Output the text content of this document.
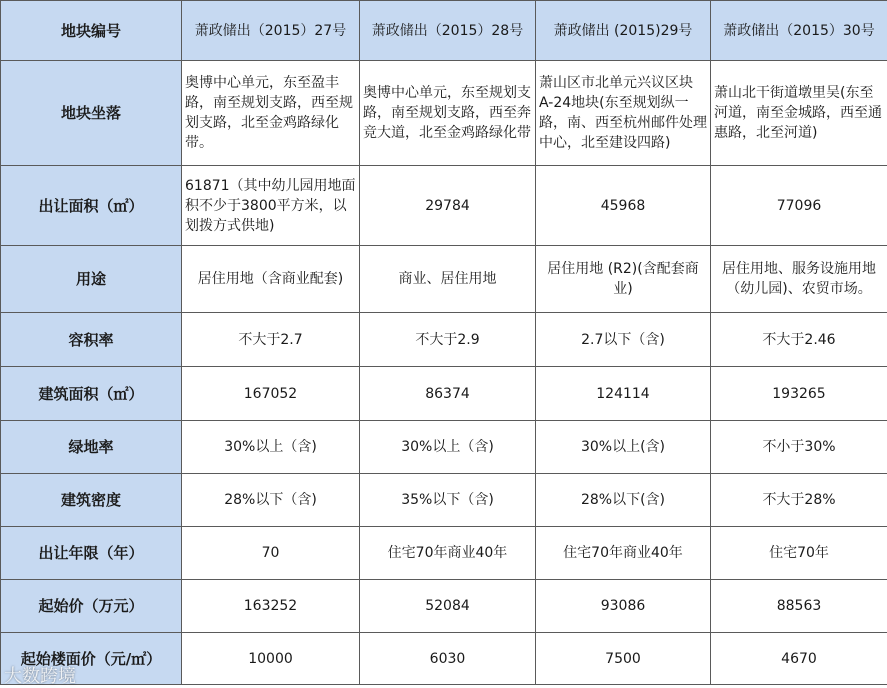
地块编号	萧政储出（2015）27号	萧政储出（2015）28号	萧政储出 (2015)29号	萧政储出（2015）30号
地块坐落	奥博中心单元，东至盈丰路，南至规划支路，西至规划支路，北至金鸡路绿化带。	奥博中心单元，东至规划支路，南至规划支路，西至奔竞大道，北至金鸡路绿化带	萧山区市北单元兴议区块A-24地块(东至规划纵一路，南、西至杭州邮件处理中心，北至建设四路)	萧山北干街道墩里吴(东至河道，南至金城路，西至通惠路，北至河道)
出让面积（㎡）	61871（其中幼儿园用地面积不少于3800平方米，以划拨方式供地)	29784	45968	77096
用途	居住用地（含商业配套)	商业、居住用地	居住用地 (R2)(含配套商业)	居住用地、服务设施用地（幼儿园)、农贸市场。
容积率	不大于2.7	不大于2.9	2.7以下（含)	不大于2.46
建筑面积（㎡）	167052	86374	124114	193265
绿地率	30%以上（含)	30%以上（含)	30%以上(含)	不小于30%
建筑密度	28%以下（含)	35%以下（含)	28%以下(含)	不大于28%
出让年限（年）	70	住宅70年商业40年	住宅70年商业40年	住宅70年
起始价（万元）	163252	52084	93086	88563
起始楼面价（元/㎡）	10000	6030	7500	4670
大数跨境
